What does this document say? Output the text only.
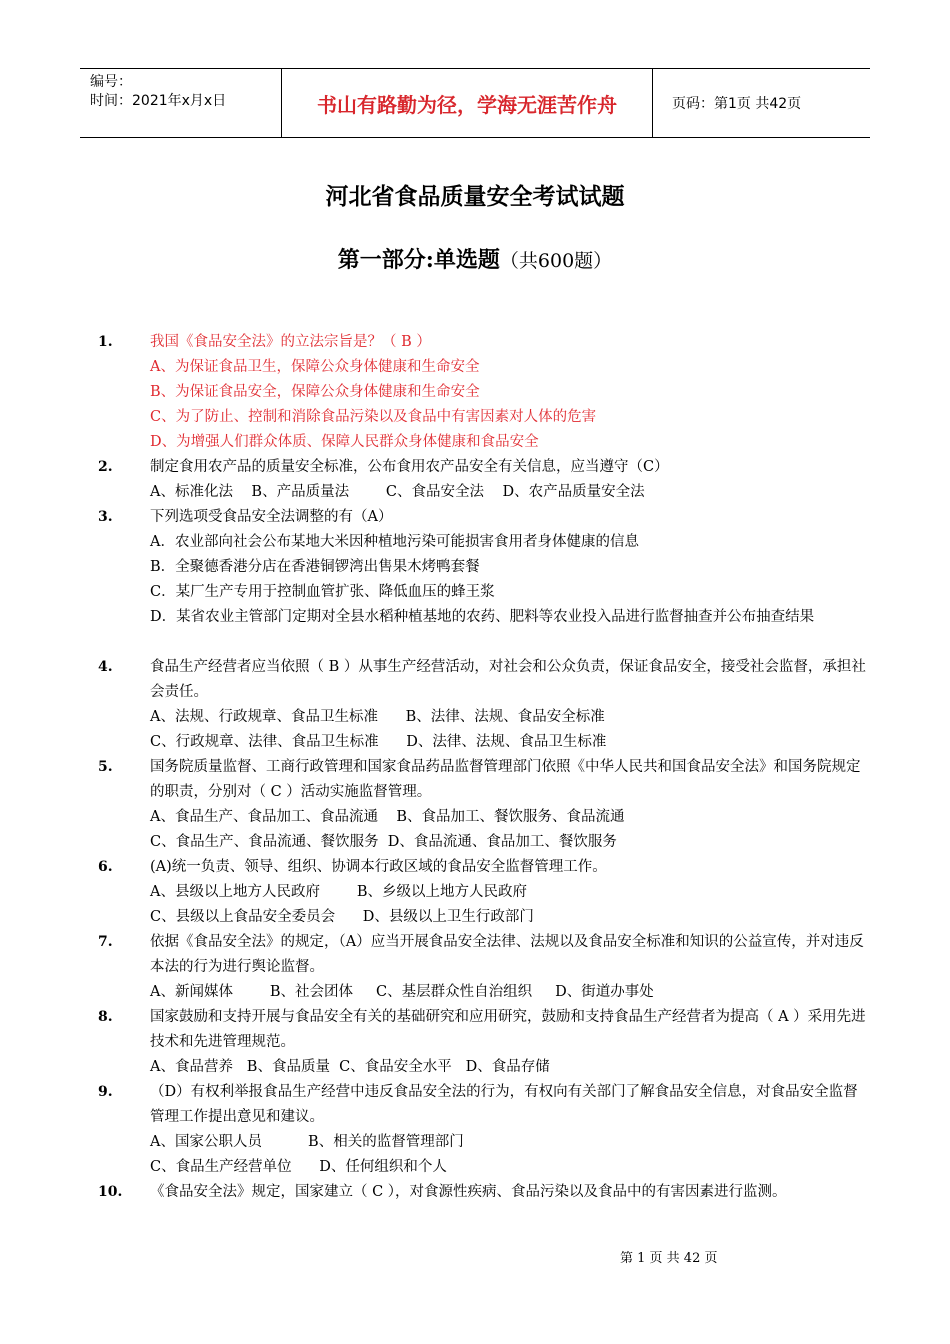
编号：
时间：2021年x月x日	书山有路勤为径，学海无涯苦作舟	页码：第1页 共42页
河北省食品质量安全考试试题
第一部分:单选题（共600题）
1.	我国《食品安全法》的立法宗旨是？（ B ）
A、为保证食品卫生，保障公众身体健康和生命安全
B、为保证食品安全，保障公众身体健康和生命安全
C、为了防止、控制和消除食品污染以及食品中有害因素对人体的危害
D、为增强人们群众体质、保障人民群众身体健康和食品安全
2.	制定食用农产品的质量安全标准，公布食用农产品安全有关信息，应当遵守（C）
A、标准化法    B、产品质量法        C、食品安全法    D、农产品质量安全法
3.	下列选项受食品安全法调整的有（A）
A．农业部向社会公布某地大米因种植地污染可能损害食用者身体健康的信息
B．全聚德香港分店在香港铜锣湾出售果木烤鸭套餐
C．某厂生产专用于控制血管扩张、降低血压的蜂王浆
D．某省农业主管部门定期对全县水稻种植基地的农药、肥料等农业投入品进行监督抽查并公布抽查结果
4.	食品生产经营者应当依照（ B ）从事生产经营活动，对社会和公众负责，保证食品安全，接受社会监督，承担社会责任。
A、法规、行政规章、食品卫生标准      B、法律、法规、食品安全标准
C、行政规章、法律、食品卫生标准      D、法律、法规、食品卫生标准
5.	国务院质量监督、工商行政管理和国家食品药品监督管理部门依照《中华人民共和国食品安全法》和国务院规定的职责，分别对（ C ）活动实施监督管理。
A、食品生产、食品加工、食品流通    B、食品加工、餐饮服务、食品流通
C、食品生产、食品流通、餐饮服务  D、食品流通、食品加工、餐饮服务
6.	(A)统一负责、领导、组织、协调本行政区域的食品安全监督管理工作。
A、县级以上地方人民政府        B、乡级以上地方人民政府
C、县级以上食品安全委员会      D、县级以上卫生行政部门
7.	依据《食品安全法》的规定，（A）应当开展食品安全法律、法规以及食品安全标准和知识的公益宣传，并对违反本法的行为进行舆论监督。
A、新闻媒体        B、社会团体     C、基层群众性自治组织     D、街道办事处
8.	国家鼓励和支持开展与食品安全有关的基础研究和应用研究，鼓励和支持食品生产经营者为提高（ A ）采用先进技术和先进管理规范。
A、食品营养   B、食品质量  C、食品安全水平   D、食品存储
9.	（D）有权利举报食品生产经营中违反食品安全法的行为，有权向有关部门了解食品安全信息，对食品安全监督管理工作提出意见和建议。
A、国家公职人员          B、相关的监督管理部门
C、食品生产经营单位      D、任何组织和个人
10. 《食品安全法》规定，国家建立（ C ），对食源性疾病、食品污染以及食品中的有害因素进行监测。
第 1 页 共 42 页
